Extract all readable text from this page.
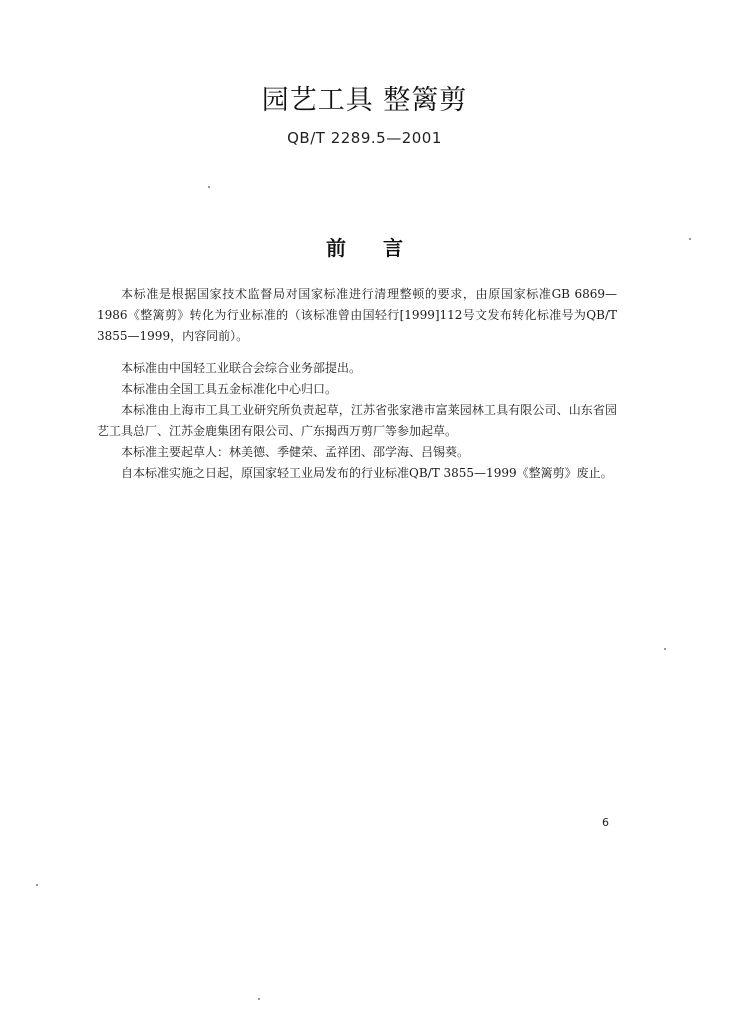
园艺工具 整篱剪
QB/T 2289.5—2001
前 言

本标准是根据国家技术监督局对国家标准进行清理整顿的要求，由原国家标准GB 6869—1986《整篱剪》转化为行业标准的（该标准曾由国轻行[1999]112号文发布转化标准号为QB/T 3855—1999，内容同前）。

本标准由中国轻工业联合会综合业务部提出。

本标准由全国工具五金标准化中心归口。

本标准由上海市工具工业研究所负责起草，江苏省张家港市富莱园林工具有限公司、山东省园艺工具总厂、江苏金鹿集团有限公司、广东揭西万剪厂等参加起草。

本标准主要起草人：林美德、季健荣、孟祥团、邵学海、吕锡葵。

自本标准实施之日起，原国家轻工业局发布的行业标准QB/T 3855—1999《整篱剪》废止。

6
